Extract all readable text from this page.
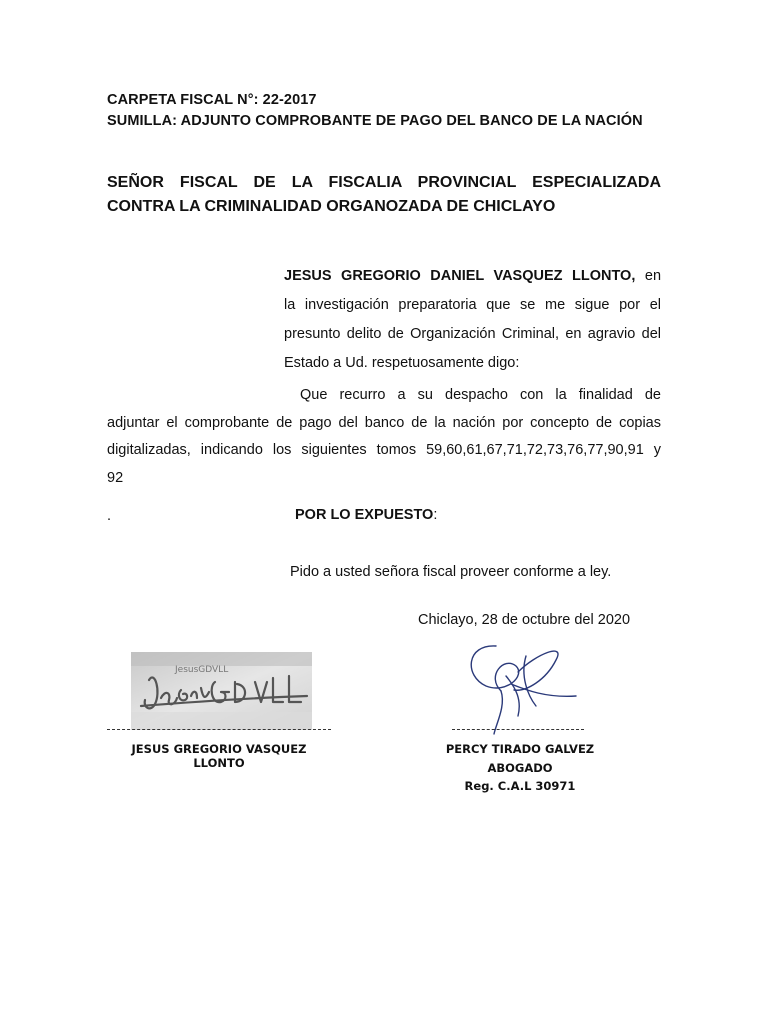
CARPETA FISCAL N°: 22-2017
SUMILLA: ADJUNTO COMPROBANTE DE PAGO DEL BANCO DE LA NACIÓN
SEÑOR FISCAL DE LA FISCALIA PROVINCIAL ESPECIALIZADA
CONTRA LA CRIMINALIDAD ORGANOZADA DE CHICLAYO
JESUS GREGORIO DANIEL VASQUEZ LLONTO, en
la investigación preparatoria que se me sigue por el
presunto delito de Organización Criminal, en agravio del
Estado a Ud. respetuosamente digo:
Que recurro a su despacho con la finalidad de
adjuntar el comprobante de pago del banco de la nación por concepto de copias
digitalizadas, indicando los siguientes tomos 59,60,61,67,71,72,73,76,77,90,91 y
92
.	POR LO EXPUESTO:
Pido a usted señora fiscal proveer conforme a ley.
Chiclayo, 28 de octubre del 2020
JesusGDVLL
JESUS GREGORIO VASQUEZ LLONTO
PERCY TIRADO GALVEZ
ABOGADO
Reg. C.A.L 30971
